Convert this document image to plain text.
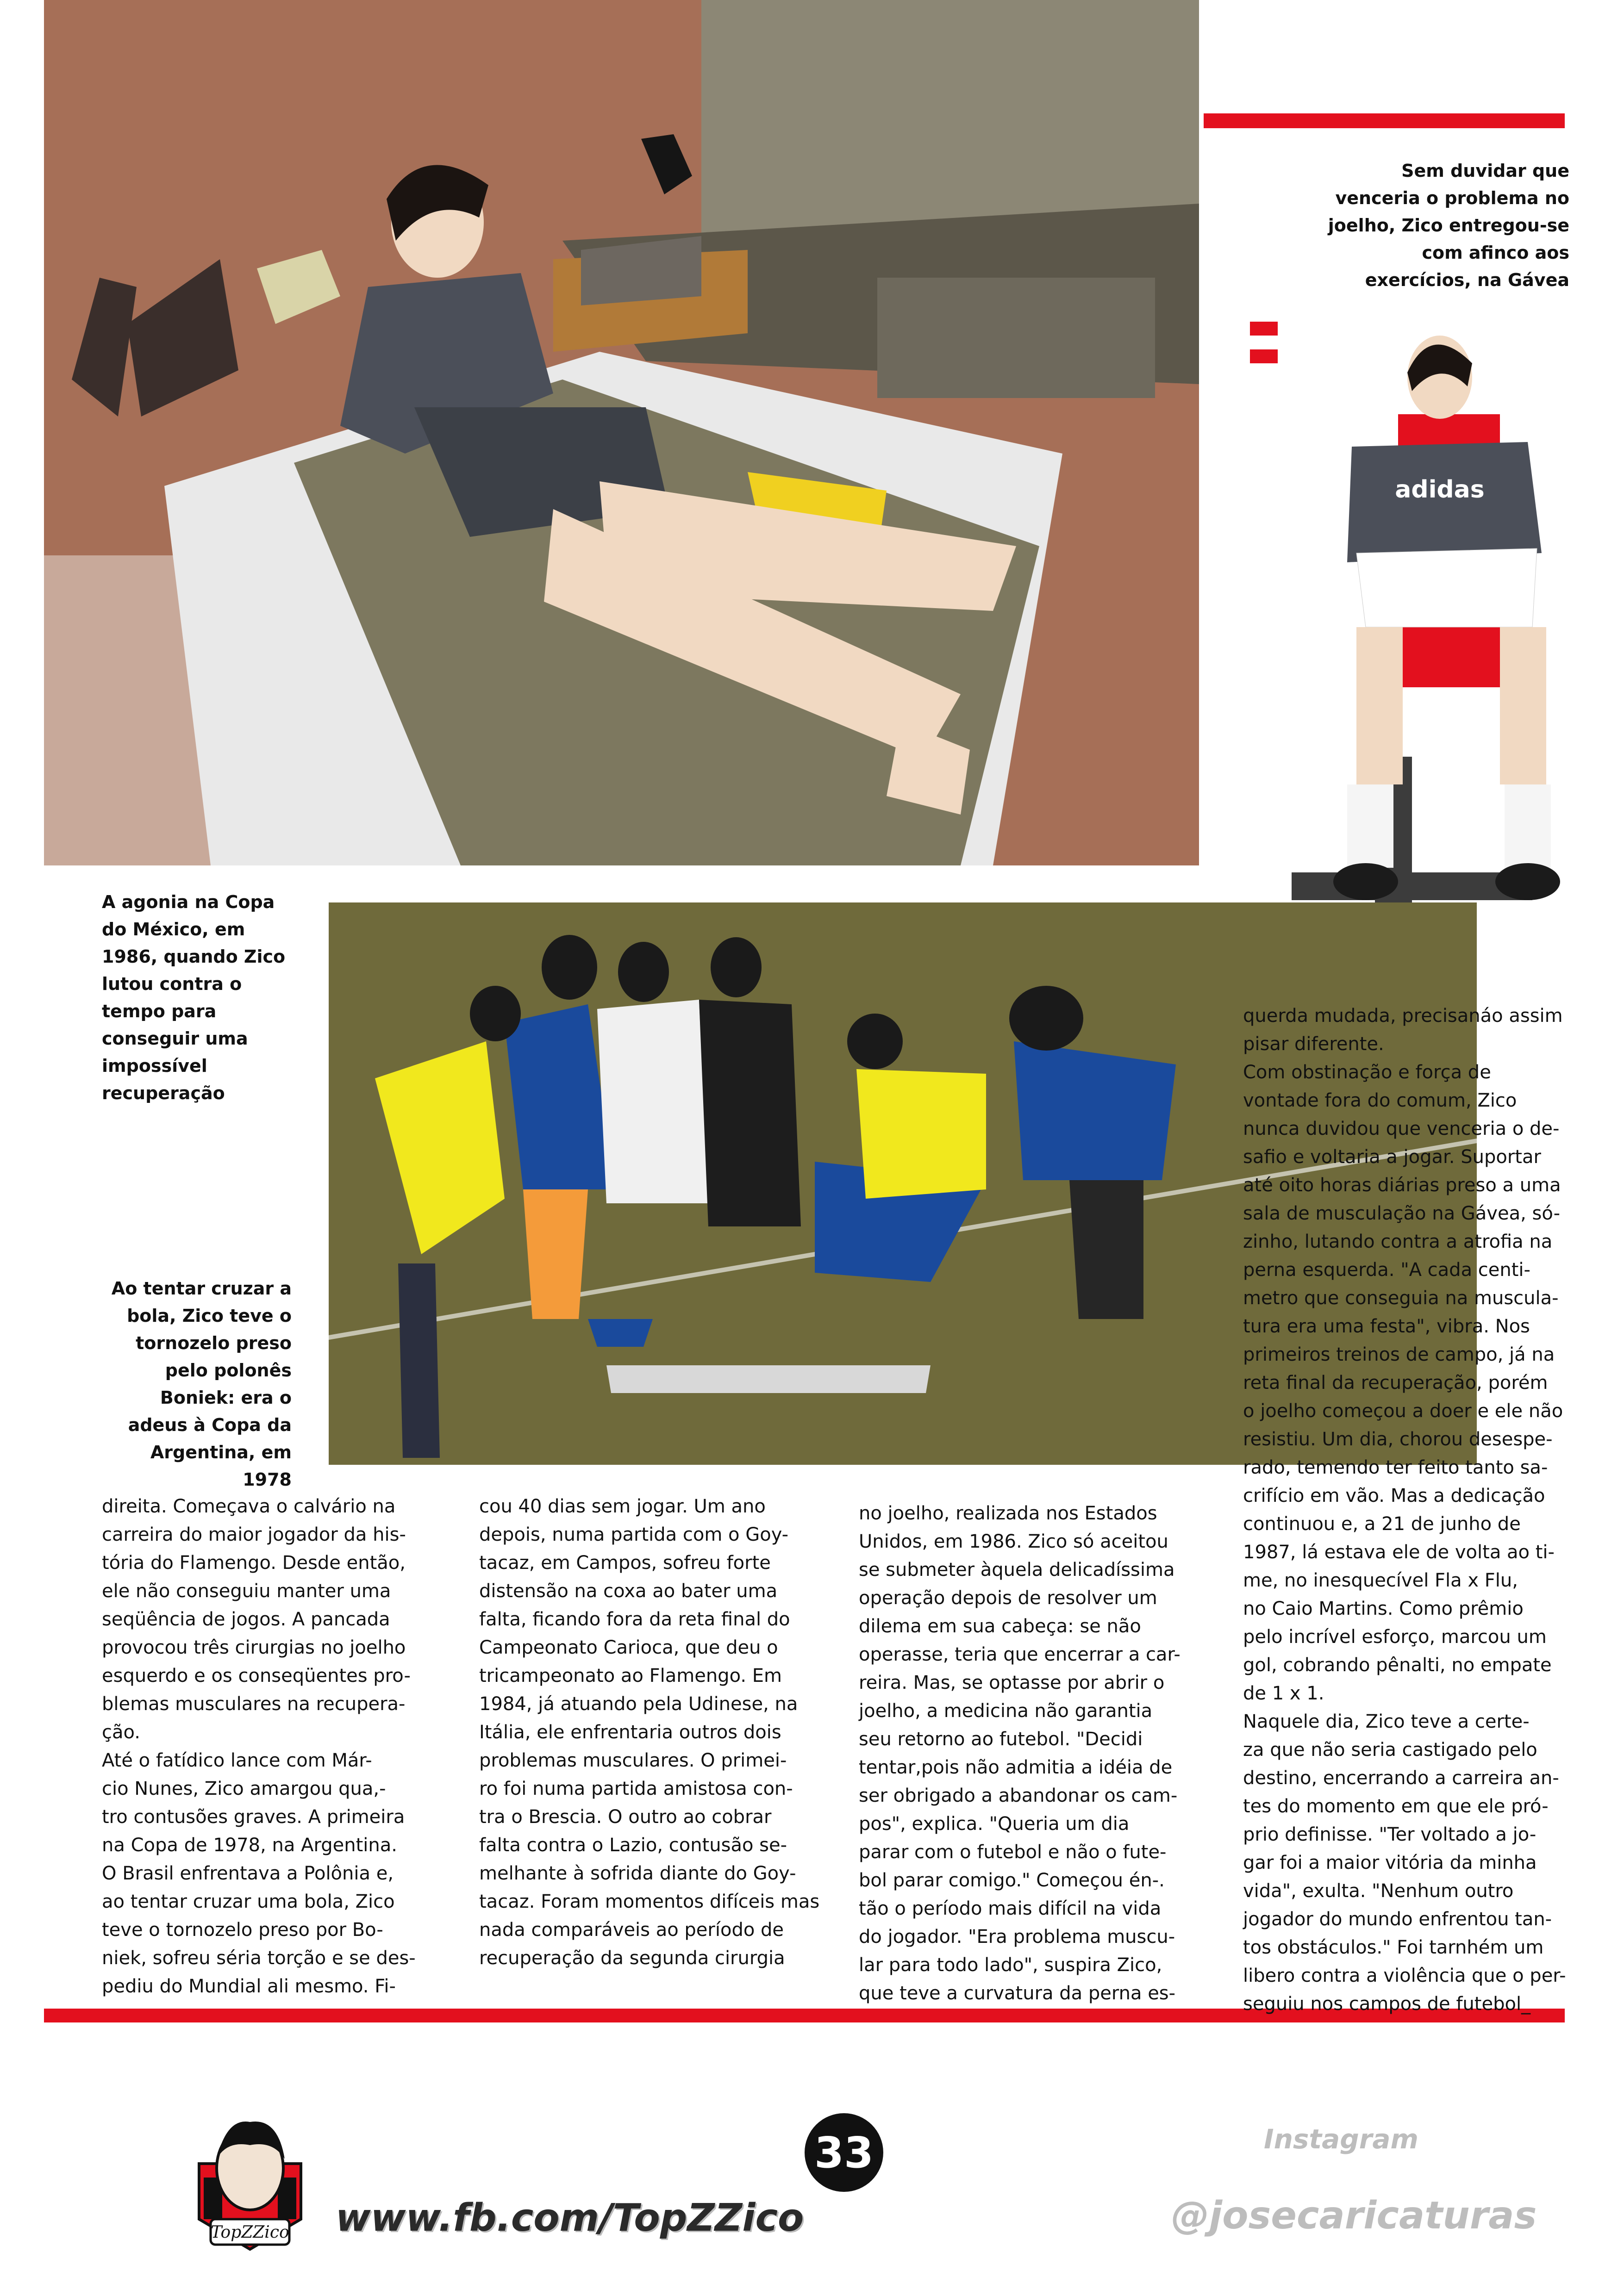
adidas
Sem duvidar que venceria o problema no joelho, Zico entregou-se com afinco aos exercícios, na Gávea
A agonia na Copa do México, em 1986, quando Zico lutou contra o tempo para conseguir uma impossível recuperação
Ao tentar cruzar a bola, Zico teve o tornozelo preso pelo polonês Boniek: era o adeus à Copa da Argentina, em 1978
direita. Começava o calvário na
carreira do maior jogador da his-
tória do Flamengo. Desde então,
ele não conseguiu manter uma
seqüência de jogos. A pancada
provocou três cirurgias no joelho
esquerdo e os conseqüentes pro-
blemas musculares na recupera-
ção.
Até o fatídico lance com Már-
cio Nunes, Zico amargou qua,-
tro contusões graves. A primeira
na Copa de 1978, na Argentina.
O Brasil enfrentava a Polônia e,
ao tentar cruzar uma bola, Zico
teve o tornozelo preso por Bo-
niek, sofreu séria torção e se des-
pediu do Mundial ali mesmo. Fi-
cou 40 dias sem jogar. Um ano
depois, numa partida com o Goy-
tacaz, em Campos, sofreu forte
distensão na coxa ao bater uma
falta, ficando fora da reta final do
Campeonato Carioca, que deu o
tricampeonato ao Flamengo. Em
1984, já atuando pela Udinese, na
Itália, ele enfrentaria outros dois
problemas musculares. O primei-
ro foi numa partida amistosa con-
tra o Brescia. O outro ao cobrar
falta contra o Lazio, contusão se-
melhante à sofrida diante do Goy-
tacaz. Foram momentos difíceis mas
nada comparáveis ao período de
recuperação da segunda cirurgia
no joelho, realizada nos Estados
Unidos, em 1986. Zico só aceitou
se submeter àquela delicadíssima
operação depois de resolver um
dilema em sua cabeça: se não
operasse, teria que encerrar a car-
reira. Mas, se optasse por abrir o
joelho, a medicina não garantia
seu retorno ao futebol. "Decidi
tentar,pois não admitia a idéia de
ser obrigado a abandonar os cam-
pos", explica. "Queria um dia
parar com o futebol e não o fute-
bol parar comigo." Começou én-.
tão o período mais difícil na vida
do jogador. "Era problema muscu-
lar para todo lado", suspira Zico,
que teve a curvatura da perna es-
querda mudada, precisanáo assim
pisar diferente.
Com obstinação e força de
vontade fora do comum, Zico
nunca duvidou que venceria o de-
safio e voltaria a jogar. Suportar
até oito horas diárias preso a uma
sala de musculação na Gávea, só-
zinho, lutando contra a atrofia na
perna esquerda. "A cada centi-
metro que conseguia na muscula-
tura era uma festa", vibra. Nos
primeiros treinos de campo, já na
reta final da recuperação, porém
o joelho começou a doer e ele não
resistiu. Um dia, chorou desespe-
rado, temendo ter feito tanto sa-
crifício em vão. Mas a dedicação
continuou e, a 21 de junho de
1987, lá estava ele de volta ao ti-
me, no inesquecível Fla x Flu,
no Caio Martins. Como prêmio
pelo incrível esforço, marcou um
gol, cobrando pênalti, no empate
de 1 x 1.
Naquele dia, Zico teve a certe-
za que não seria castigado pelo
destino, encerrando a carreira an-
tes do momento em que ele pró-
prio definisse. "Ter voltado a jo-
gar foi a maior vitória da minha
vida", exulta. "Nenhum outro
jogador do mundo enfrentou tan-
tos obstáculos." Foi tarnhém um
libero contra a violência que o per-
seguiu nos campos de futebol_
TopZZico
33
www.fb.com/TopZZico
Instagram
@josecaricaturas
